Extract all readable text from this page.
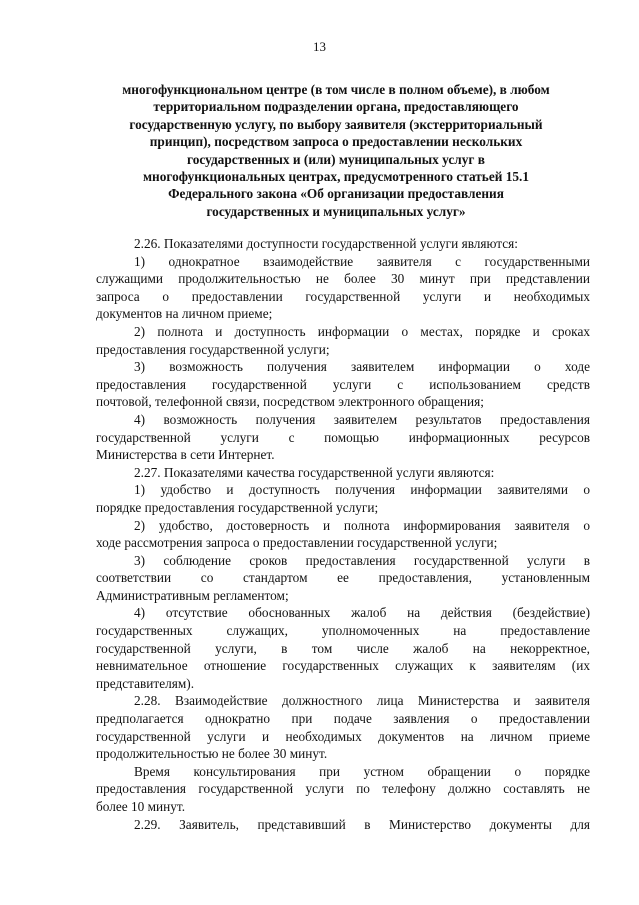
13
многофункциональном центре (в том числе в полном объеме), в любом
территориальном подразделении органа, предоставляющего
государственную услугу, по выбору заявителя (экстерриториальный
принцип), посредством запроса о предоставлении нескольких
государственных и (или) муниципальных услуг в
многофункциональных центрах, предусмотренного статьей 15.1
Федерального закона «Об организации предоставления
государственных и муниципальных услуг»
2.26. Показателями доступности государственной услуги являются:
1) однократное взаимодействие заявителя с государственными
служащими продолжительностью не более 30 минут при представлении
запроса о предоставлении государственной услуги и необходимых
документов на личном приеме;
2) полнота и доступность информации о местах, порядке и сроках
предоставления государственной услуги;
3) возможность получения заявителем информации о ходе
предоставления государственной услуги с использованием средств
почтовой, телефонной связи, посредством электронного обращения;
4) возможность получения заявителем результатов предоставления
государственной услуги с помощью информационных ресурсов
Министерства в сети Интернет.
2.27. Показателями качества государственной услуги являются:
1) удобство и доступность получения информации заявителями о
порядке предоставления государственной услуги;
2) удобство, достоверность и полнота информирования заявителя о
ходе рассмотрения запроса о предоставлении государственной услуги;
3) соблюдение сроков предоставления государственной услуги в
соответствии со стандартом ее предоставления, установленным
Административным регламентом;
4) отсутствие обоснованных жалоб на действия (бездействие)
государственных служащих, уполномоченных на предоставление
государственной услуги, в том числе жалоб на некорректное,
невнимательное отношение государственных служащих к заявителям (их
представителям).
2.28. Взаимодействие должностного лица Министерства и заявителя
предполагается однократно при подаче заявления о предоставлении
государственной услуги и необходимых документов на личном приеме
продолжительностью не более 30 минут.
Время консультирования при устном обращении о порядке
предоставления государственной услуги по телефону должно составлять не
более 10 минут.
2.29. Заявитель, представивший в Министерство документы для
